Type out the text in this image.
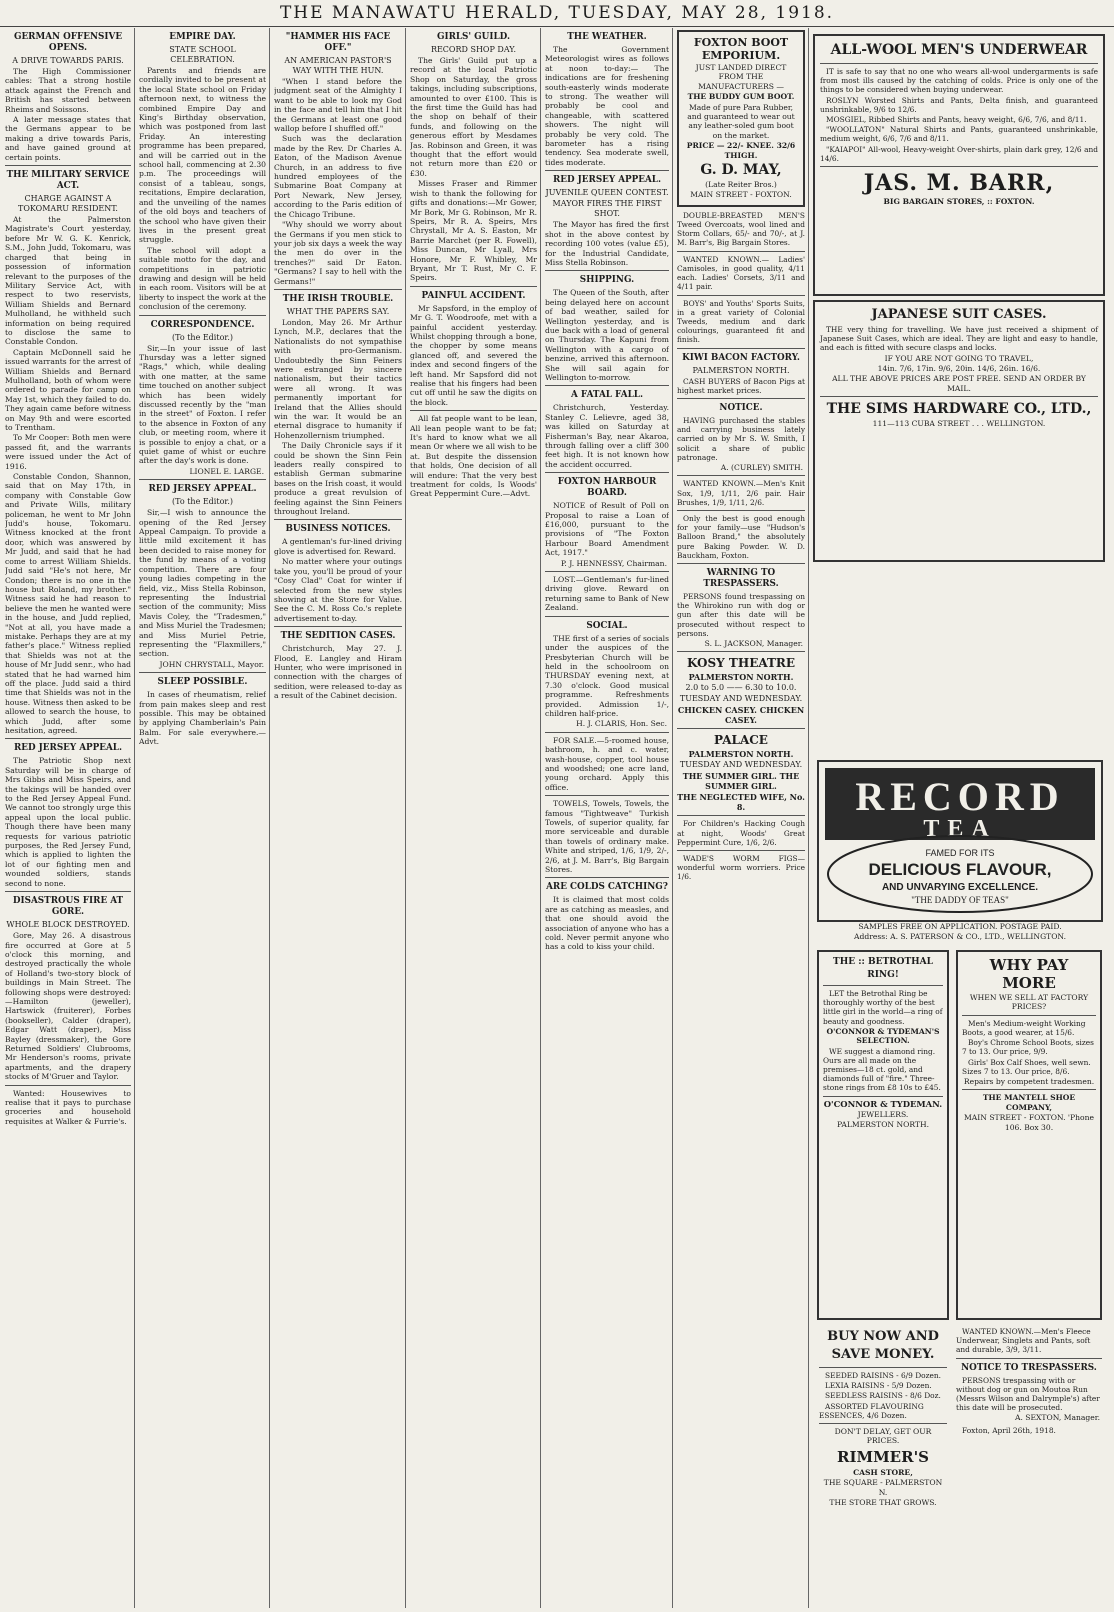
THE MANAWATU HERALD, TUESDAY, MAY 28, 1918.
GERMAN OFFENSIVE OPENS.
A DRIVE TOWARDS PARIS.
The High Commissioner cables: That a strong hostile attack against the French and British has started between Rheims and Soissons.
A later message states that the Germans appear to be making a drive towards Paris, and have gained ground at certain points.
THE MILITARY SERVICE ACT.
CHARGE AGAINST A TOKOMARU RESIDENT.
At the Palmerston Magistrate's Court yesterday, before Mr W. G. K. Kenrick, S.M., John Judd, Tokomaru, was charged that being in possession of information relevant to the purposes of the Military Service Act, with respect to two reservists, William Shields and Bernard Mulholland, he withheld such information on being required to disclose the same to Constable Condon.
Captain McDonnell said he issued warrants for the arrest of William Shields and Bernard Mulholland, both of whom were ordered to parade for camp on May 1st, which they failed to do. They again came before witness on May 9th and were escorted to Trentham.
To Mr Cooper: Both men were passed fit, and the warrants were issued under the Act of 1916.
Constable Condon, Shannon, said that on May 17th, in company with Constable Gow and Private Wills, military policeman, he went to Mr John Judd's house, Tokomaru. Witness knocked at the front door, which was answered by Mr Judd, and said that he had come to arrest William Shields. Judd said "He's not here, Mr Condon; there is no one in the house but Roland, my brother." Witness said he had reason to believe the men he wanted were in the house, and Judd replied, "Not at all, you have made a mistake. Perhaps they are at my father's place." Witness replied that Shields was not at the house of Mr Judd senr., who had stated that he had warned him off the place. Judd said a third time that Shields was not in the house. Witness then asked to be allowed to search the house, to which Judd, after some hesitation, agreed.
RED JERSEY APPEAL.
The Patriotic Shop next Saturday will be in charge of Mrs Gibbs and Miss Speirs, and the takings will be handed over to the Red Jersey Appeal Fund. We cannot too strongly urge this appeal upon the local public. Though there have been many requests for various patriotic purposes, the Red Jersey Fund, which is applied to lighten the lot of our fighting men and wounded soldiers, stands second to none.
DISASTROUS FIRE AT GORE.
WHOLE BLOCK DESTROYED.
Gore, May 26. A disastrous fire occurred at Gore at 5 o'clock this morning, and destroyed practically the whole of Holland's two-story block of buildings in Main Street. The following shops were destroyed:—Hamilton (jeweller), Hartswick (fruiterer), Forbes (bookseller), Calder (draper), Edgar Watt (draper), Miss Bayley (dressmaker), the Gore Returned Soldiers' Clubrooms, Mr Henderson's rooms, private apartments, and the drapery stocks of M'Gruer and Taylor.
Wanted: Housewives to realise that it pays to purchase groceries and household requisites at Walker & Furrie's.
EMPIRE DAY.
STATE SCHOOL CELEBRATION.
Parents and friends are cordially invited to be present at the local State school on Friday afternoon next, to witness the combined Empire Day and King's Birthday observation, which was postponed from last Friday. An interesting programme has been prepared, and will be carried out in the school hall, commencing at 2.30 p.m. The proceedings will consist of a tableau, songs, recitations, Empire declaration, and the unveiling of the names of the old boys and teachers of the school who have given their lives in the present great struggle.
The school will adopt a suitable motto for the day, and competitions in patriotic drawing and design will be held in each room. Visitors will be at liberty to inspect the work at the conclusion of the ceremony.
CORRESPONDENCE.
(To the Editor.)
Sir,—In your issue of last Thursday was a letter signed "Rags," which, while dealing with one matter, at the same time touched on another subject which has been widely discussed recently by the "man in the street" of Foxton. I refer to the absence in Foxton of any club, or meeting room, where it is possible to enjoy a chat, or a quiet game of whist or euchre after the day's work is done.
LIONEL E. LARGE.
RED JERSEY APPEAL.
(To the Editor.)
Sir,—I wish to announce the opening of the Red Jersey Appeal Campaign. To provide a little mild excitement it has been decided to raise money for the fund by means of a voting competition. There are four young ladies competing in the field, viz., Miss Stella Robinson, representing the Industrial section of the community; Miss Mavis Coley, the "Tradesmen," and Miss Muriel the Tradesmen; and Miss Muriel Petrie, representing the "Flaxmillers," section.
JOHN CHRYSTALL, Mayor.
SLEEP POSSIBLE.
In cases of rheumatism, relief from pain makes sleep and rest possible. This may be obtained by applying Chamberlain's Pain Balm. For sale everywhere.—Advt.
"HAMMER HIS FACE OFF."
AN AMERICAN PASTOR'S WAY WITH THE HUN.
"When I stand before the judgment seat of the Almighty I want to be able to look my God in the face and tell him that I hit the Germans at least one good wallop before I shuffled off."
Such was the declaration made by the Rev. Dr Charles A. Eaton, of the Madison Avenue Church, in an address to five hundred employees of the Submarine Boat Company at Port Newark, New Jersey, according to the Paris edition of the Chicago Tribune.
"Why should we worry about the Germans if you men stick to your job six days a week the way the men do over in the trenches?" said Dr Eaton. "Germans? I say to hell with the Germans!"
THE IRISH TROUBLE.
WHAT THE PAPERS SAY.
London, May 26. Mr Arthur Lynch, M.P., declares that the Nationalists do not sympathise with pro-Germanism. Undoubtedly the Sinn Feiners were estranged by sincere nationalism, but their tactics were all wrong. It was permanently important for Ireland that the Allies should win the war. It would be an eternal disgrace to humanity if Hohenzollernism triumphed.
The Daily Chronicle says if it could be shown the Sinn Fein leaders really conspired to establish German submarine bases on the Irish coast, it would produce a great revulsion of feeling against the Sinn Feiners throughout Ireland.
BUSINESS NOTICES.
A gentleman's fur-lined driving glove is advertised for. Reward.
No matter where your outings take you, you'll be proud of your "Cosy Clad" Coat for winter if selected from the new styles showing at the Store for Value. See the C. M. Ross Co.'s replete advertisement to-day.
THE SEDITION CASES.
Christchurch, May 27. J. Flood, E. Langley and Hiram Hunter, who were imprisoned in connection with the charges of sedition, were released to-day as a result of the Cabinet decision.
GIRLS' GUILD.
RECORD SHOP DAY.
The Girls' Guild put up a record at the local Patriotic Shop on Saturday, the gross takings, including subscriptions, amounted to over £100. This is the first time the Guild has had the shop on behalf of their funds, and following on the generous effort by Mesdames Jas. Robinson and Green, it was thought that the effort would not return more than £20 or £30.
Misses Fraser and Rimmer wish to thank the following for gifts and donations:—Mr Gower, Mr Bork, Mr G. Robinson, Mr R. Speirs, Mr R. A. Speirs, Mrs Chrystall, Mr A. S. Easton, Mr Barrie Marchet (per R. Fowell), Miss Duncan, Mr Lyall, Mrs Honore, Mr F. Whibley, Mr Bryant, Mr T. Rust, Mr C. F. Speirs.
PAINFUL ACCIDENT.
Mr Sapsford, in the employ of Mr G. T. Woodroofe, met with a painful accident yesterday. Whilst chopping through a bone, the chopper by some means glanced off, and severed the index and second fingers of the left hand. Mr Sapsford did not realise that his fingers had been cut off until he saw the digits on the block.
All fat people want to be lean, All lean people want to be fat; It's hard to know what we all mean Or where we all wish to be at. But despite the dissension that holds, One decision of all will endure: That the very best treatment for colds, Is Woods' Great Peppermint Cure.—Advt.
THE WEATHER.
The Government Meteorologist wires as follows at noon to-day:— The indications are for freshening south-easterly winds moderate to strong. The weather will probably be cool and changeable, with scattered showers. The night will probably be very cold. The barometer has a rising tendency. Sea moderate swell, tides moderate.
RED JERSEY APPEAL.
JUVENILE QUEEN CONTEST.
MAYOR FIRES THE FIRST SHOT.
The Mayor has fired the first shot in the above contest by recording 100 votes (value £5), for the Industrial Candidate, Miss Stella Robinson.
SHIPPING.
The Queen of the South, after being delayed here on account of bad weather, sailed for Wellington yesterday, and is due back with a load of general on Thursday. The Kapuni from Wellington with a cargo of benzine, arrived this afternoon. She will sail again for Wellington to-morrow.
A FATAL FALL.
Christchurch, Yesterday. Stanley C. Lelievre, aged 38, was killed on Saturday at Fisherman's Bay, near Akaroa, through falling over a cliff 300 feet high. It is not known how the accident occurred.
FOXTON HARBOUR BOARD.
NOTICE of Result of Poll on Proposal to raise a Loan of £16,000, pursuant to the provisions of "The Foxton Harbour Board Amendment Act, 1917."
P. J. HENNESSY, Chairman.
LOST.—Gentleman's fur-lined driving glove. Reward on returning same to Bank of New Zealand.
SOCIAL.
THE first of a series of socials under the auspices of the Presbyterian Church will be held in the schoolroom on THURSDAY evening next, at 7.30 o'clock. Good musical programme. Refreshments provided. Admission 1/-, children half-price.
H. J. CLARIS, Hon. Sec.
FOR SALE.—5-roomed house, bathroom, h. and c. water, wash-house, copper, tool house and woodshed; one acre land, young orchard. Apply this office.
TOWELS, Towels, Towels, the famous "Tightweave" Turkish Towels, of superior quality, far more serviceable and durable than towels of ordinary make. White and striped, 1/6, 1/9, 2/-, 2/6, at J. M. Barr's, Big Bargain Stores.
ARE COLDS CATCHING?
It is claimed that most colds are as catching as measles, and that one should avoid the association of anyone who has a cold. Never permit anyone who has a cold to kiss your child.
FOXTON BOOT
EMPORIUM.
JUST LANDED DIRECT FROM THE MANUFACTURERS —
THE BUDDY GUM BOOT.
Made of pure Para Rubber, and guaranteed to wear out any leather-soled gum boot on the market.
PRICE — 22/- KNEE. 32/6 THIGH.
G. D. MAY,
(Late Reiter Bros.)
MAIN STREET - FOXTON.
DOUBLE-BREASTED MEN'S Tweed Overcoats, wool lined and Storm Collars, 65/- and 70/-, at J. M. Barr's, Big Bargain Stores.
WANTED KNOWN.— Ladies' Camisoles, in good quality, 4/11 each. Ladies' Corsets, 3/11 and 4/11 pair.
BOYS' and Youths' Sports Suits, in a great variety of Colonial Tweeds, medium and dark colourings, guaranteed fit and finish.
KIWI BACON FACTORY.
PALMERSTON NORTH.
CASH BUYERS of Bacon Pigs at highest market prices.
NOTICE.
HAVING purchased the stables and carrying business lately carried on by Mr S. W. Smith, I solicit a share of public patronage.
A. (CURLEY) SMITH.
WANTED KNOWN.—Men's Knit Sox, 1/9, 1/11, 2/6 pair. Hair Brushes, 1/9, 1/11, 2/6.
Only the best is good enough for your family—use "Hudson's Balloon Brand," the absolutely pure Baking Powder. W. D. Bauckham, Foxton.
WARNING TO TRESPASSERS.
PERSONS found trespassing on the Whirokino run with dog or gun after this date will be prosecuted without respect to persons.
S. L. JACKSON, Manager.
KOSY THEATRE
PALMERSTON NORTH.
2.0 to 5.0 —— 6.30 to 10.0.
TUESDAY AND WEDNESDAY.
CHICKEN CASEY. CHICKEN CASEY.
PALACE
PALMERSTON NORTH.
TUESDAY AND WEDNESDAY.
THE SUMMER GIRL. THE SUMMER GIRL.
THE NEGLECTED WIFE, No. 8.
For Children's Hacking Cough at night, Woods' Great Peppermint Cure, 1/6, 2/6.
WADE'S WORM FIGS—wonderful worm worriers. Price 1/6.
ALL-WOOL MEN'S UNDERWEAR
IT is safe to say that no one who wears all-wool undergarments is safe from most ills caused by the catching of colds. Price is only one of the things to be considered when buying underwear.
ROSLYN Worsted Shirts and Pants, Delta finish, and guaranteed unshrinkable, 9/6 to 12/6.
MOSGIEL, Ribbed Shirts and Pants, heavy weight, 6/6, 7/6, and 8/11.
"WOOLLATON" Natural Shirts and Pants, guaranteed unshrinkable, medium weight, 6/6, 7/6 and 8/11.
"KAIAPOI" All-wool, Heavy-weight Over-shirts, plain dark grey, 12/6 and 14/6.
JAS. M. BARR,
BIG BARGAIN STORES, :: FOXTON.
JAPANESE SUIT CASES.
THE very thing for travelling. We have just received a shipment of Japanese Suit Cases, which are ideal. They are light and easy to handle, and each is fitted with secure clasps and locks.
IF YOU ARE NOT GOING TO TRAVEL,
14in. 7/6, 17in. 9/6, 20in. 14/6, 26in. 16/6.
ALL THE ABOVE PRICES ARE POST FREE. SEND AN ORDER BY MAIL.
THE SIMS HARDWARE CO., LTD.,
111—113 CUBA STREET . . . WELLINGTON.
RECORD
TEA
FAMED FOR ITS
DELICIOUS FLAVOUR,
AND UNVARYING EXCELLENCE.
"THE DADDY OF TEAS"
SAMPLES FREE ON APPLICATION. POSTAGE PAID.
Address: A. S. PATERSON & CO., LTD., WELLINGTON.
THE :: BETROTHAL RING!
LET the Betrothal Ring be thoroughly worthy of the best little girl in the world—a ring of beauty and goodness.
O'CONNOR & TYDEMAN'S SELECTION.
WE suggest a diamond ring. Ours are all made on the premises—18 ct. gold, and diamonds full of "fire." Three-stone rings from £8 10s to £45.
O'CONNOR & TYDEMAN.
JEWELLERS.
PALMERSTON NORTH.
WHY PAY MORE
WHEN WE SELL AT FACTORY PRICES?
Men's Medium-weight Working Boots, a good wearer, at 15/6.
Boy's Chrome School Boots, sizes 7 to 13. Our price, 9/9.
Girls' Box Calf Shoes, well sewn. Sizes 7 to 13. Our price, 8/6.
Repairs by competent tradesmen.
THE MANTELL SHOE COMPANY,
MAIN STREET - FOXTON. 'Phone 106. Box 30.
BUY NOW AND SAVE MONEY.
SEEDED RAISINS - 6/9 Dozen.
LEXIA RAISINS - 5/9 Dozen.
SEEDLESS RAISINS - 8/6 Doz.
ASSORTED FLAVOURING ESSENCES, 4/6 Dozen.
DON'T DELAY, GET OUR PRICES.
RIMMER'S
CASH STORE,
THE SQUARE - PALMERSTON N.
THE STORE THAT GROWS.
WANTED KNOWN.—Men's Fleece Underwear, Singlets and Pants, soft and durable, 3/9, 3/11.
NOTICE TO TRESPASSERS.
PERSONS trespassing with or without dog or gun on Moutoa Run (Messrs Wilson and Dalrymple's) after this date will be prosecuted.
A. SEXTON, Manager.
Foxton, April 26th, 1918.
